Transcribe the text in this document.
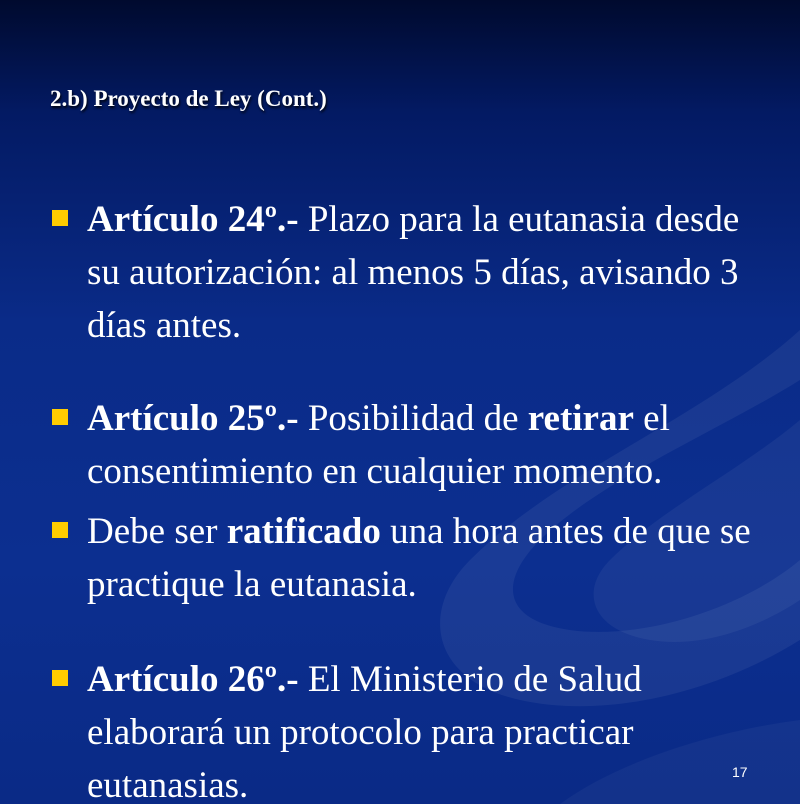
2.b) Proyecto de Ley (Cont.)
Artículo 24º.- Plazo para la eutanasia desde su autorización: al menos 5 días, avisando 3 días antes.
Artículo 25º.- Posibilidad de retirar el consentimiento en cualquier momento.
Debe ser ratificado una hora antes de que se practique la eutanasia.
Artículo 26º.- El Ministerio de Salud elaborará un protocolo para practicar eutanasias.	17
